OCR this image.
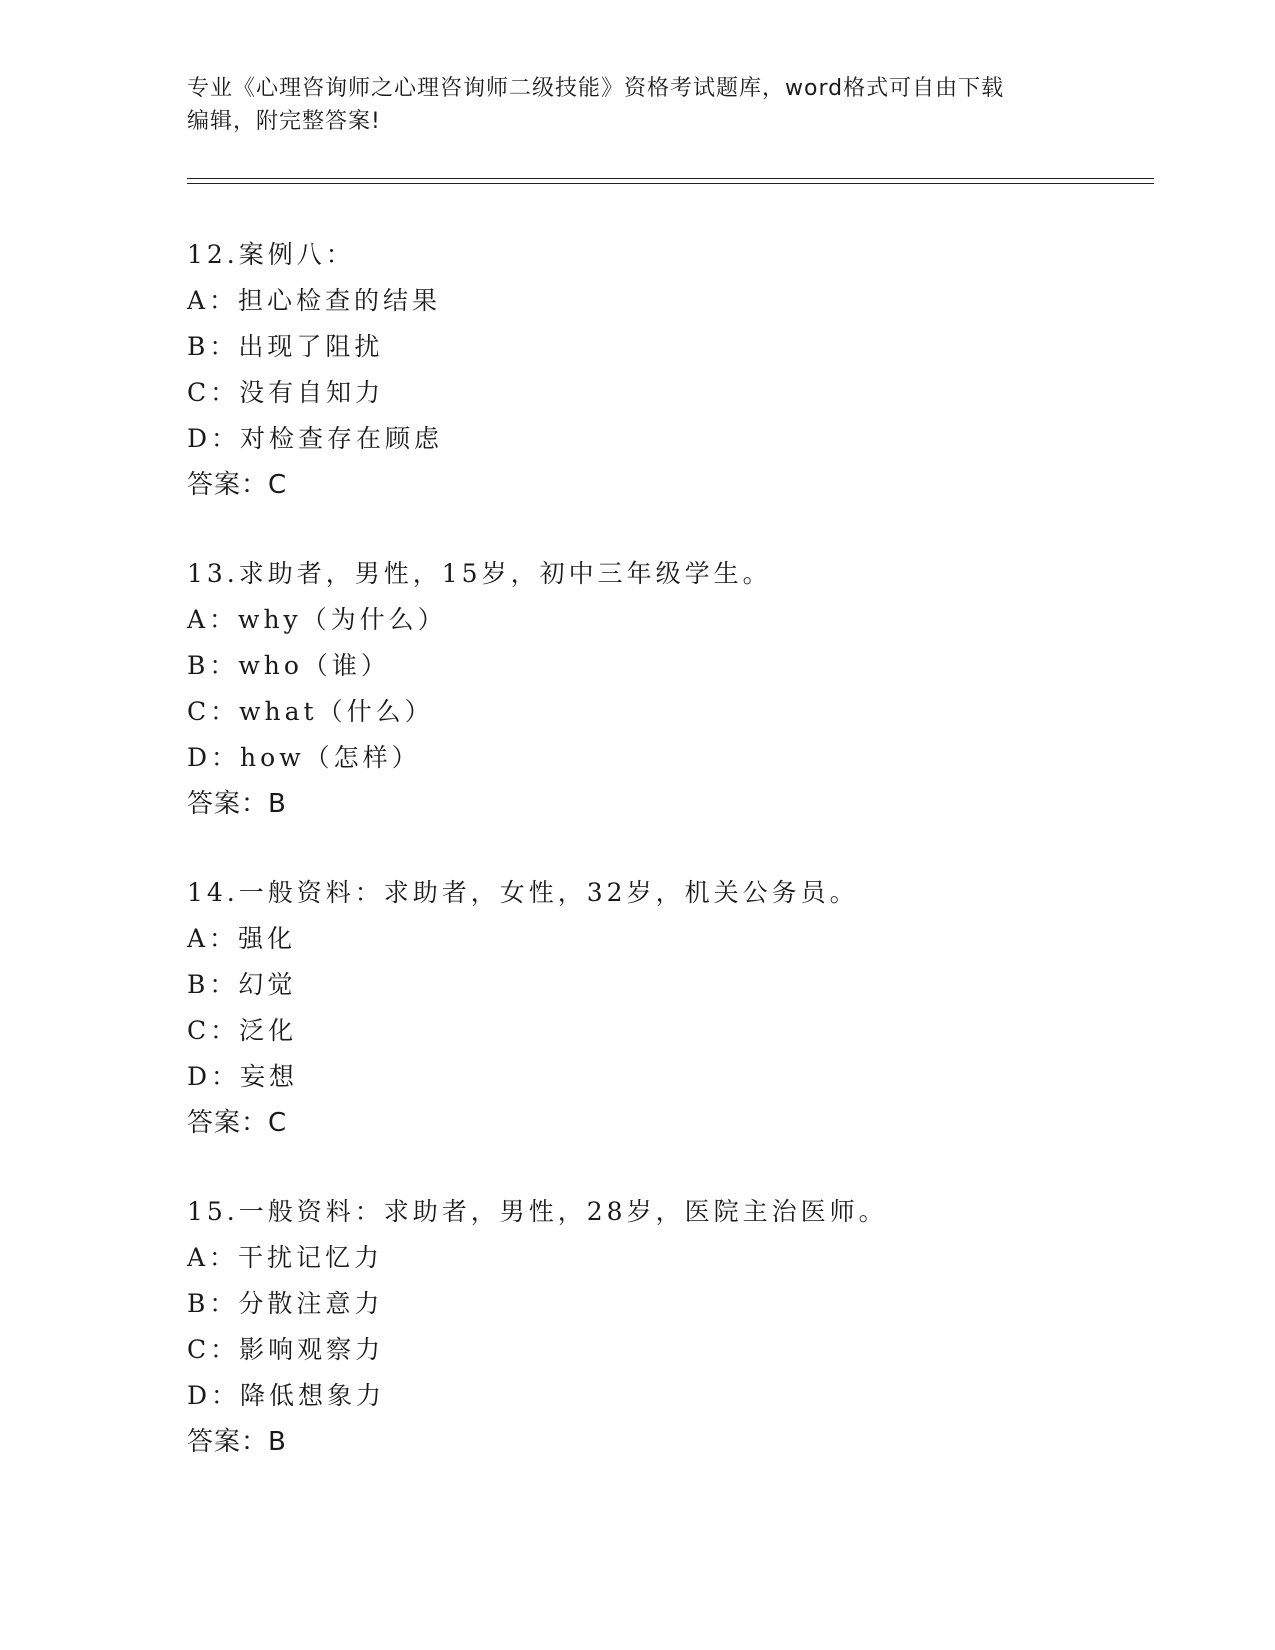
专业《心理咨询师之心理咨询师二级技能》资格考试题库，word格式可自由下载
编辑，附完整答案!
12.案例八：
A：担心检查的结果
B：出现了阻扰
C：没有自知力
D：对检查存在顾虑
答案：C
13.求助者，男性，15岁，初中三年级学生。
A：why（为什么）
B：who（谁）
C：what（什么）
D：how（怎样）
答案：B
14.一般资料：求助者，女性，32岁，机关公务员。
A：强化
B：幻觉
C：泛化
D：妄想
答案：C
15.一般资料：求助者，男性，28岁，医院主治医师。
A：干扰记忆力
B：分散注意力
C：影响观察力
D：降低想象力
答案：B
